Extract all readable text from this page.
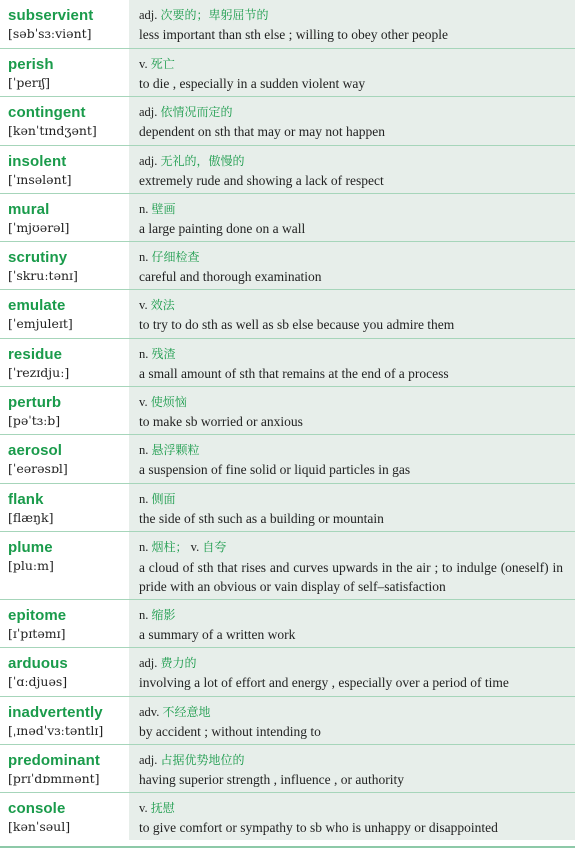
subservient
[səbˈsɜːviənt]
adj. 次要的；卑躬屈节的
less important than sth else ; willing to obey other people
perish
[ˈperɪʃ]
v. 死亡
to die , especially in a sudden violent way
contingent
[kənˈtɪndʒənt]
adj. 依情况而定的
dependent on sth that may or may not happen
insolent
[ˈɪnsələnt]
adj. 无礼的，傲慢的
extremely rude and showing a lack of respect
mural
[ˈmjʊərəl]
n. 壁画
a large painting done on a wall
scrutiny
[ˈskruːtənɪ]
n. 仔细检查
careful and thorough examination
emulate
[ˈemjuleɪt]
v. 效法
to try to do sth as well as sb else because you admire them
residue
[ˈrezɪdjuː]
n. 残渣
a small amount of sth that remains at the end of a process
perturb
[pəˈtɜːb]
v. 使烦恼
to make sb worried or anxious
aerosol
[ˈeərəsɒl]
n. 悬浮颗粒
a suspension of fine solid or liquid particles in gas
flank
[flæŋk]
n. 侧面
the side of sth such as a building or mountain
plume
[pluːm]
n. 烟柱； v. 自夸
a cloud of sth that rises and curves upwards in the air ; to indulge (oneself) in pride with an obvious or vain display of self–satisfaction
epitome
[ɪˈpɪtəmɪ]
n. 缩影
a summary of a written work
arduous
[ˈɑːdjuəs]
adj. 费力的
involving a lot of effort and energy , especially over a period of time
inadvertently
[ˌɪnədˈvɜːtəntlɪ]
adv. 不经意地
by accident ; without intending to
predominant
[prɪˈdɒmɪnənt]
adj. 占据优势地位的
having superior strength , influence , or authority
console
[kənˈsəul]
v. 抚慰
to give comfort or sympathy to sb who is unhappy or disappointed
